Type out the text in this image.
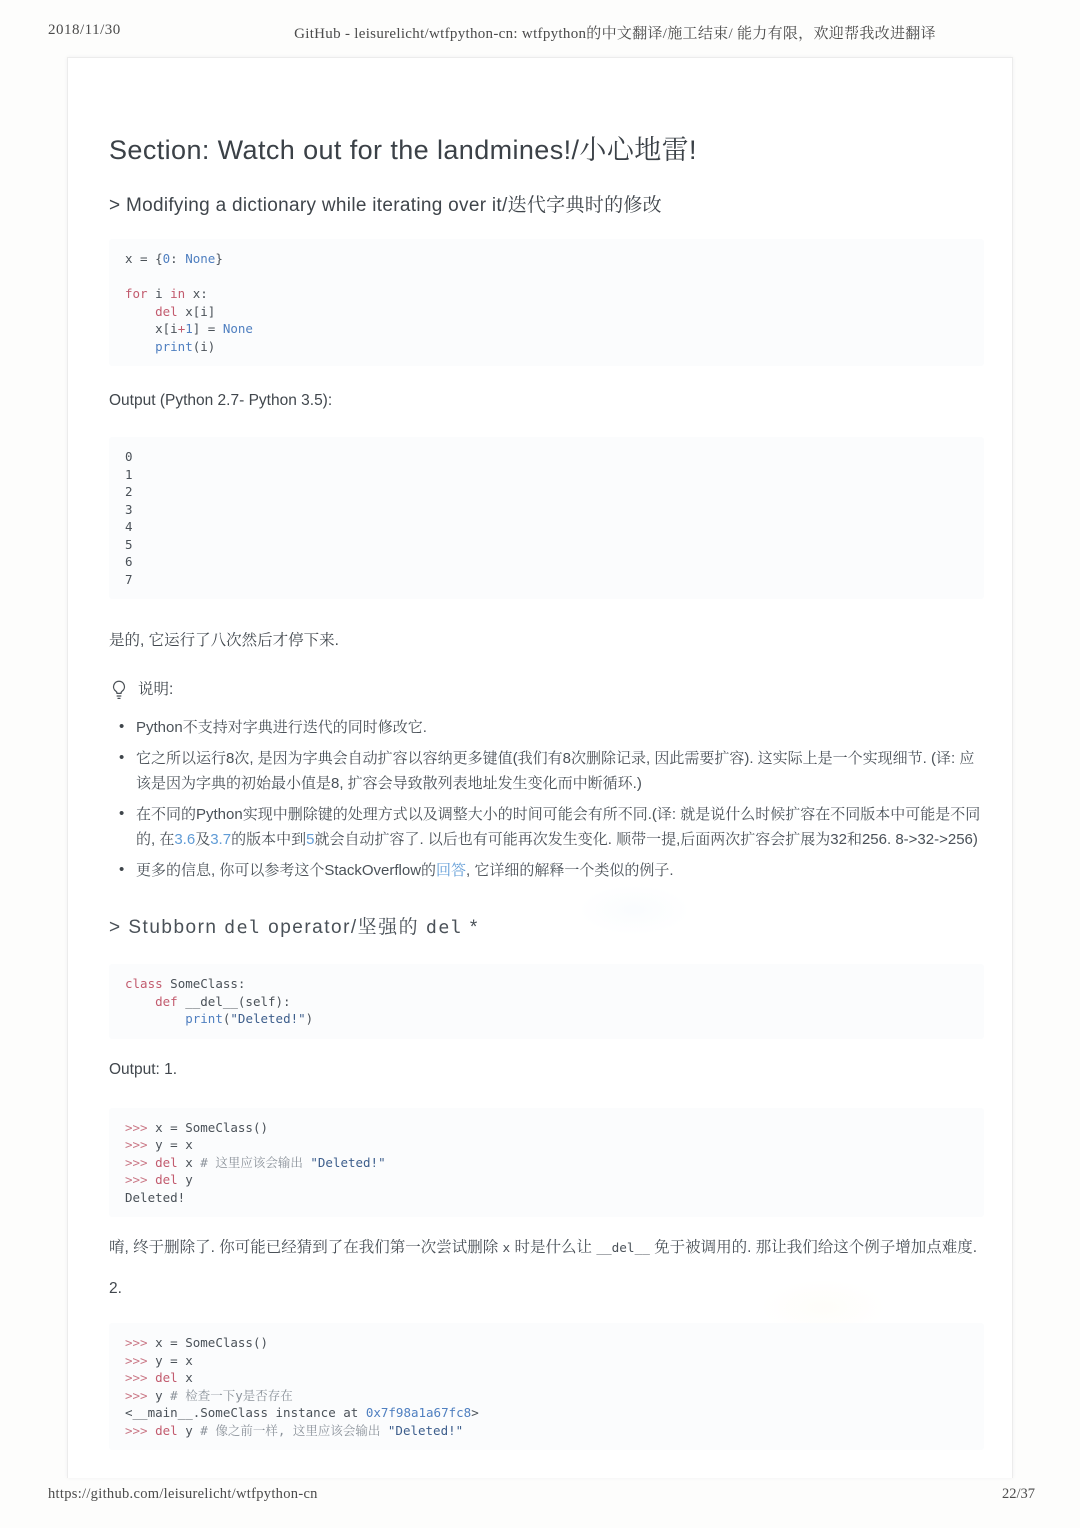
2018/11/30	GitHub - leisurelicht/wtfpython-cn: wtfpython的中文翻译/施工结束/ 能力有限，欢迎帮我改进翻译
Section: Watch out for the landmines!/小心地雷!
> Modifying a dictionary while iterating over it/迭代字典时的修改
x = {0: None}

for i in x:
del x[i]
x[i+1] = None
print(i)

Output (Python 2.7- Python 3.5):

0
1
2
3
4
5
6
7

是的, 它运行了八次然后才停下来.

说明:

• Python不支持对字典进行迭代的同时修改它.
• 它之所以运行8次, 是因为字典会自动扩容以容纳更多键值(我们有8次删除记录, 因此需要扩容). 这实际上是一个实现细节. (译: 应该是因为字典的初始最小值是8, 扩容会导致散列表地址发生变化而中断循环.)
• 在不同的Python实现中删除键的处理方式以及调整大小的时间可能会有所不同.(译: 就是说什么时候扩容在不同版本中可能是不同的, 在3.6及3.7的版本中到5就会自动扩容了. 以后也有可能再次发生变化. 顺带一提,后面两次扩容会扩展为32和256. 8->32->256)
• 更多的信息, 你可以参考这个StackOverflow的回答, 它详细的解释一个类似的例子.
> Stubborn del operator/坚强的 del *
class SomeClass:
def __del__(self):
print("Deleted!")

Output: 1.

>>> x = SomeClass()
>>> y = x
>>> del x # 这里应该会输出 "Deleted!"
>>> del y
Deleted!

唷, 终于删除了. 你可能已经猜到了在我们第一次尝试删除 x 时是什么让 __del__ 免于被调用的. 那让我们给这个例子增加点难度.

2.

>>> x = SomeClass()
>>> y = x
>>> del x
>>> y # 检查一下y是否存在
<__main__.SomeClass instance at 0x7f98a1a67fc8>
>>> del y # 像之前一样, 这里应该会输出 "Deleted!"
https://github.com/leisurelicht/wtfpython-cn	22/37
